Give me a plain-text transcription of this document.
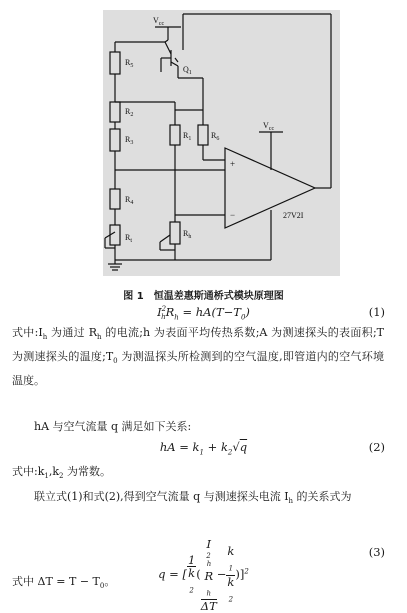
$V_{cc}$
$V_{cc}$
$Q_1$
$R_5$
$R_2$
$R_3$
$R_1$ $R_6$
$R_4$
$R_t$
$R_h$
+
−	27V2I
图 1 恒温差惠斯通桥式模块原理图
$I^2_hR_h = hA(T-T_0)$	(1)
式中$:I_h$ 为通过 $R_h$ 的电流;h 为表面平均传热系数;A 为测速探头的表面积;T 为测速探头的温度$;T_0$ 为测温探头所检测到的空气温度,即管道内的空气环境温度。
hA 与空气流量 q 满足如下关系:
hA = $k_1 + k_2√q$	(2)
式中$:k_1,k_2$ 为常数。
联立式(1)和式(2),得到空气流量 q 与测速探头电流 $I_h$ 的关系式为
q = [ 1
k
$_2$ ( I
$^2_h$
R
$_h$
ΔT − k
$_1$
k
$_2$ )]$^2$
(3)
式中 $\Delta T = T - T_0$。
